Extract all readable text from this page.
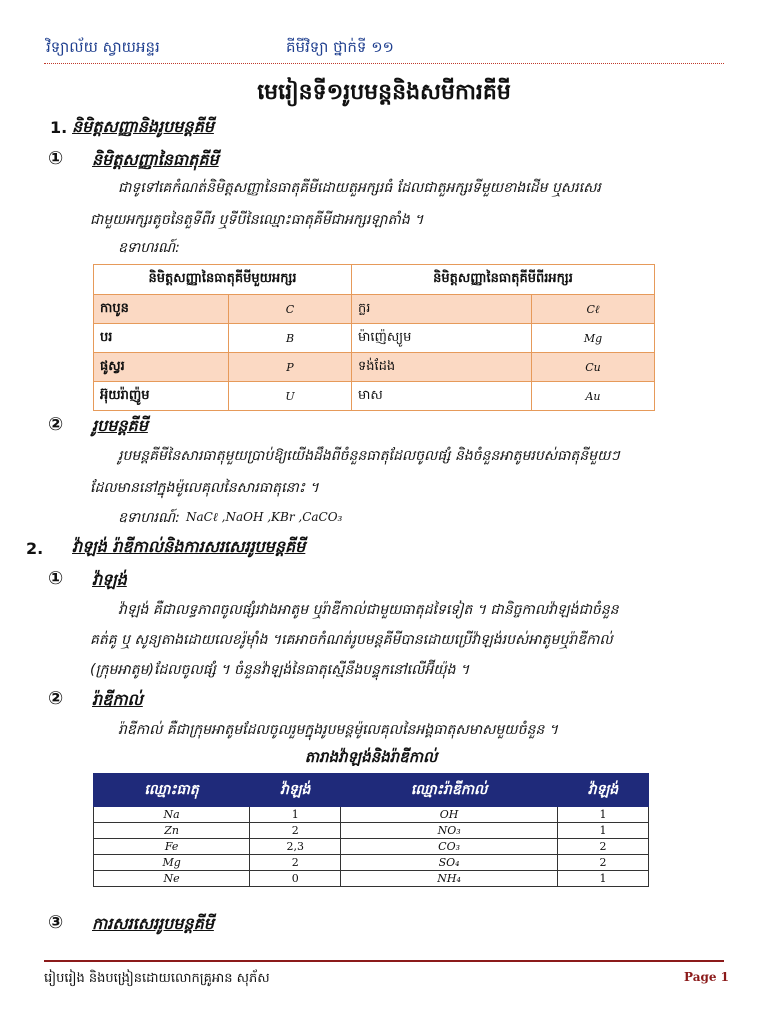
វិទ្យាល័យ ស្វាយអន្ទរ	គីមីវិទ្យា ថ្នាក់ទី ១១
មេរៀនទី១រូបមន្តនិងសមីការគីមី
1. និមិត្តសញ្ញានិងរូបមន្តគីមី
① និមិត្តសញ្ញានៃធាតុគីមី
ជាទូទៅគេកំណត់និមិត្តសញ្ញានៃធាតុគីមីដោយតួអក្សរធំ ដែលជាតួអក្សរទីមួយខាងដើម ឬសរសេរ
ជាមួយអក្សរតូចនៃតួទីពីរ ឬទីបីនៃឈ្មោះធាតុគីមីជាអក្សរឡាតាំង ។
ឧទាហរណ៍:
និមិត្តសញ្ញានៃធាតុគីមីមួយអក្សរ		និមិត្តសញ្ញានៃធាតុគីមីពីរអក្សរ	
កាបូន	C	ក្លរ	Cℓ
បរ	B	ម៉ាញ៉េស្យូម	Mg
ផូស្វរ	P	ទង់ដែង	Cu
អ៊ុយរ៉ាញ៉ូម	U	មាស	Au
② រូបមន្តគីមី
រូបមន្តគីមីនៃសារធាតុមួយប្រាប់ឱ្យយើងដឹងពីចំនួនធាតុដែលចូលផ្សំ និងចំនួនអាតូមរបស់ធាតុនីមួយៗ
ដែលមាននៅក្នុងម៉ូលេគុលនៃសារធាតុនោះ ។
ឧទាហរណ៍: NaCℓ ,NaOH ,KBr ,CaCO₃
2. វ៉ាឡង់ រ៉ាឌីកាល់និងការសរសេររូបមន្តគីមី
① វ៉ាឡង់
វ៉ាឡង់ គឺជាលទ្ធភាពចូលផ្សំរវាងអាតូម ឬរ៉ាឌីកាល់ជាមួយធាតុដទៃទៀត ។ ជានិច្ចកាលវ៉ាឡង់ជាចំនួន
គត់គូ ឬ សូន្យតាងដោយលេខរ៉ូម៉ាំង ។គេអាចកំណត់រូបមន្តគីមីបានដោយប្រើវ៉ាឡង់របស់អាតូមឬរ៉ាឌីកាល់
(ក្រុមអាតូម)ដែលចូលផ្សំ ។ ចំនួនវ៉ាឡង់នៃធាតុស្មើនឹងបន្ទុកនៅលើអ៊ីយ៉ុង ។
② រ៉ាឌីកាល់
រ៉ាឌីកាល់ គឺជាក្រុមអាតូមដែលចូលរួមក្នុងរូបមន្តម៉ូលេគុលនៃអង្គធាតុសមាសមួយចំនួន ។
តារាងវ៉ាឡង់និងរ៉ាឌីកាល់
ឈ្មោះធាតុ	វ៉ាឡង់	ឈ្មោះរ៉ាឌីកាល់	វ៉ាឡង់
Na	1	OH	1
Zn	2	NO₃	1
Fe	2,3	CO₃	2
Mg	2	SO₄	2
Ne	0	NH₄	1
③ ការសរសេររូបមន្តគីមី
រៀបរៀង និងបង្រៀនដោយលោកគ្រូអាន សុភ័ស	Page 1
